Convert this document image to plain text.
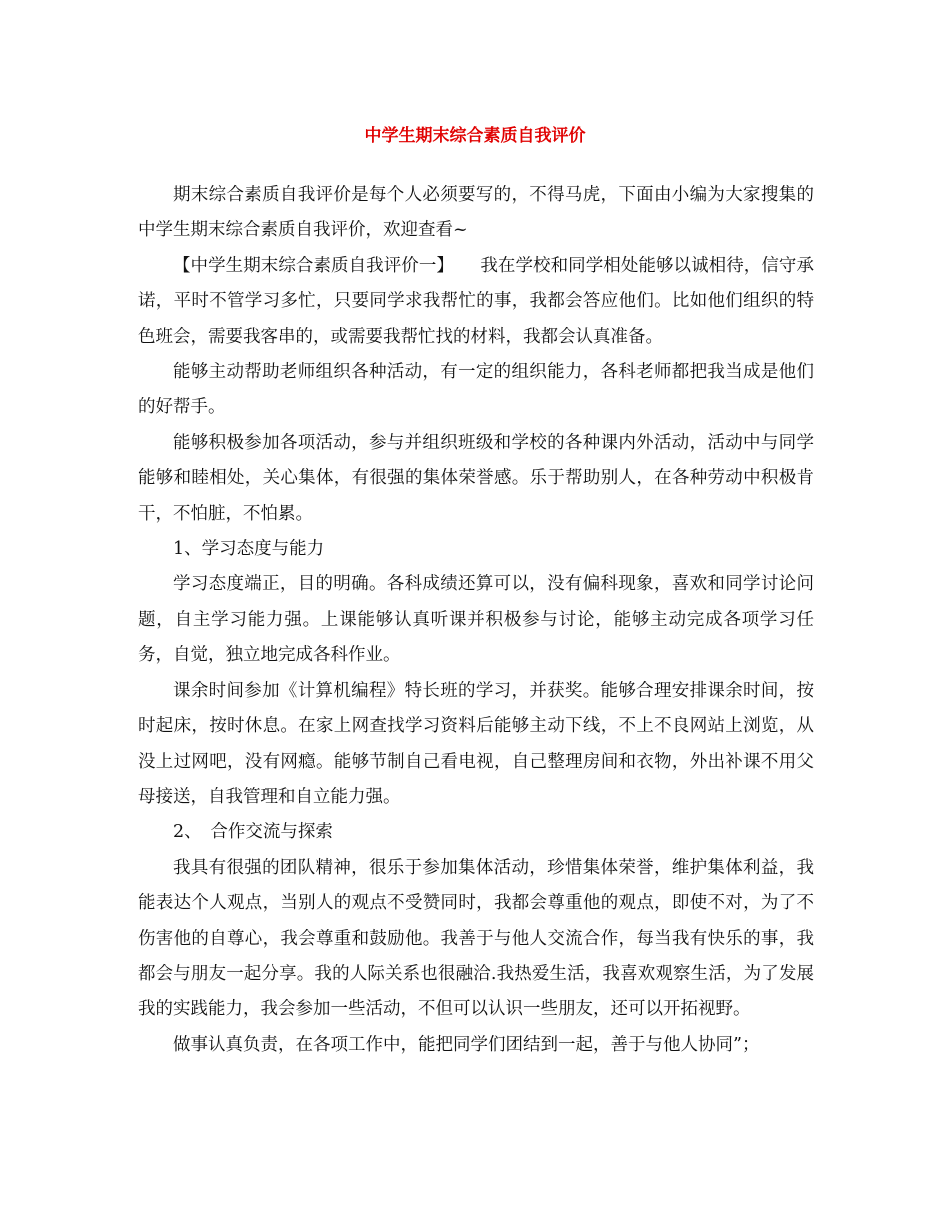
中学生期末综合素质自我评价

期末综合素质自我评价是每个人必须要写的，不得马虎，下面由小编为大家搜集的中学生期末综合素质自我评价，欢迎查看~

【中学生期末综合素质自我评价一】　　我在学校和同学相处能够以诚相待，信守承诺，平时不管学习多忙，只要同学求我帮忙的事，我都会答应他们。比如他们组织的特色班会，需要我客串的，或需要我帮忙找的材料，我都会认真准备。

能够主动帮助老师组织各种活动，有一定的组织能力，各科老师都把我当成是他们的好帮手。

能够积极参加各项活动，参与并组织班级和学校的各种课内外活动，活动中与同学能够和睦相处，关心集体，有很强的集体荣誉感。乐于帮助别人，在各种劳动中积极肯干，不怕脏，不怕累。

1、学习态度与能力

学习态度端正，目的明确。各科成绩还算可以，没有偏科现象，喜欢和同学讨论问题，自主学习能力强。上课能够认真听课并积极参与讨论，能够主动完成各项学习任务，自觉，独立地完成各科作业。

课余时间参加《计算机编程》特长班的学习，并获奖。能够合理安排课余时间，按时起床，按时休息。在家上网查找学习资料后能够主动下线，不上不良网站上浏览，从没上过网吧，没有网瘾。能够节制自己看电视，自己整理房间和衣物，外出补课不用父母接送，自我管理和自立能力强。

2、　合作交流与探索

我具有很强的团队精神，很乐于参加集体活动，珍惜集体荣誉，维护集体利益，我能表达个人观点，当别人的观点不受赞同时，我都会尊重他的观点，即使不对，为了不伤害他的自尊心，我会尊重和鼓励他。我善于与他人交流合作，每当我有快乐的事，我都会与朋友一起分享。我的人际关系也很融洽.我热爱生活，我喜欢观察生活，为了发展我的实践能力，我会参加一些活动，不但可以认识一些朋友，还可以开拓视野。

做事认真负责，在各项工作中，能把同学们团结到一起，善于与他人协同”；
